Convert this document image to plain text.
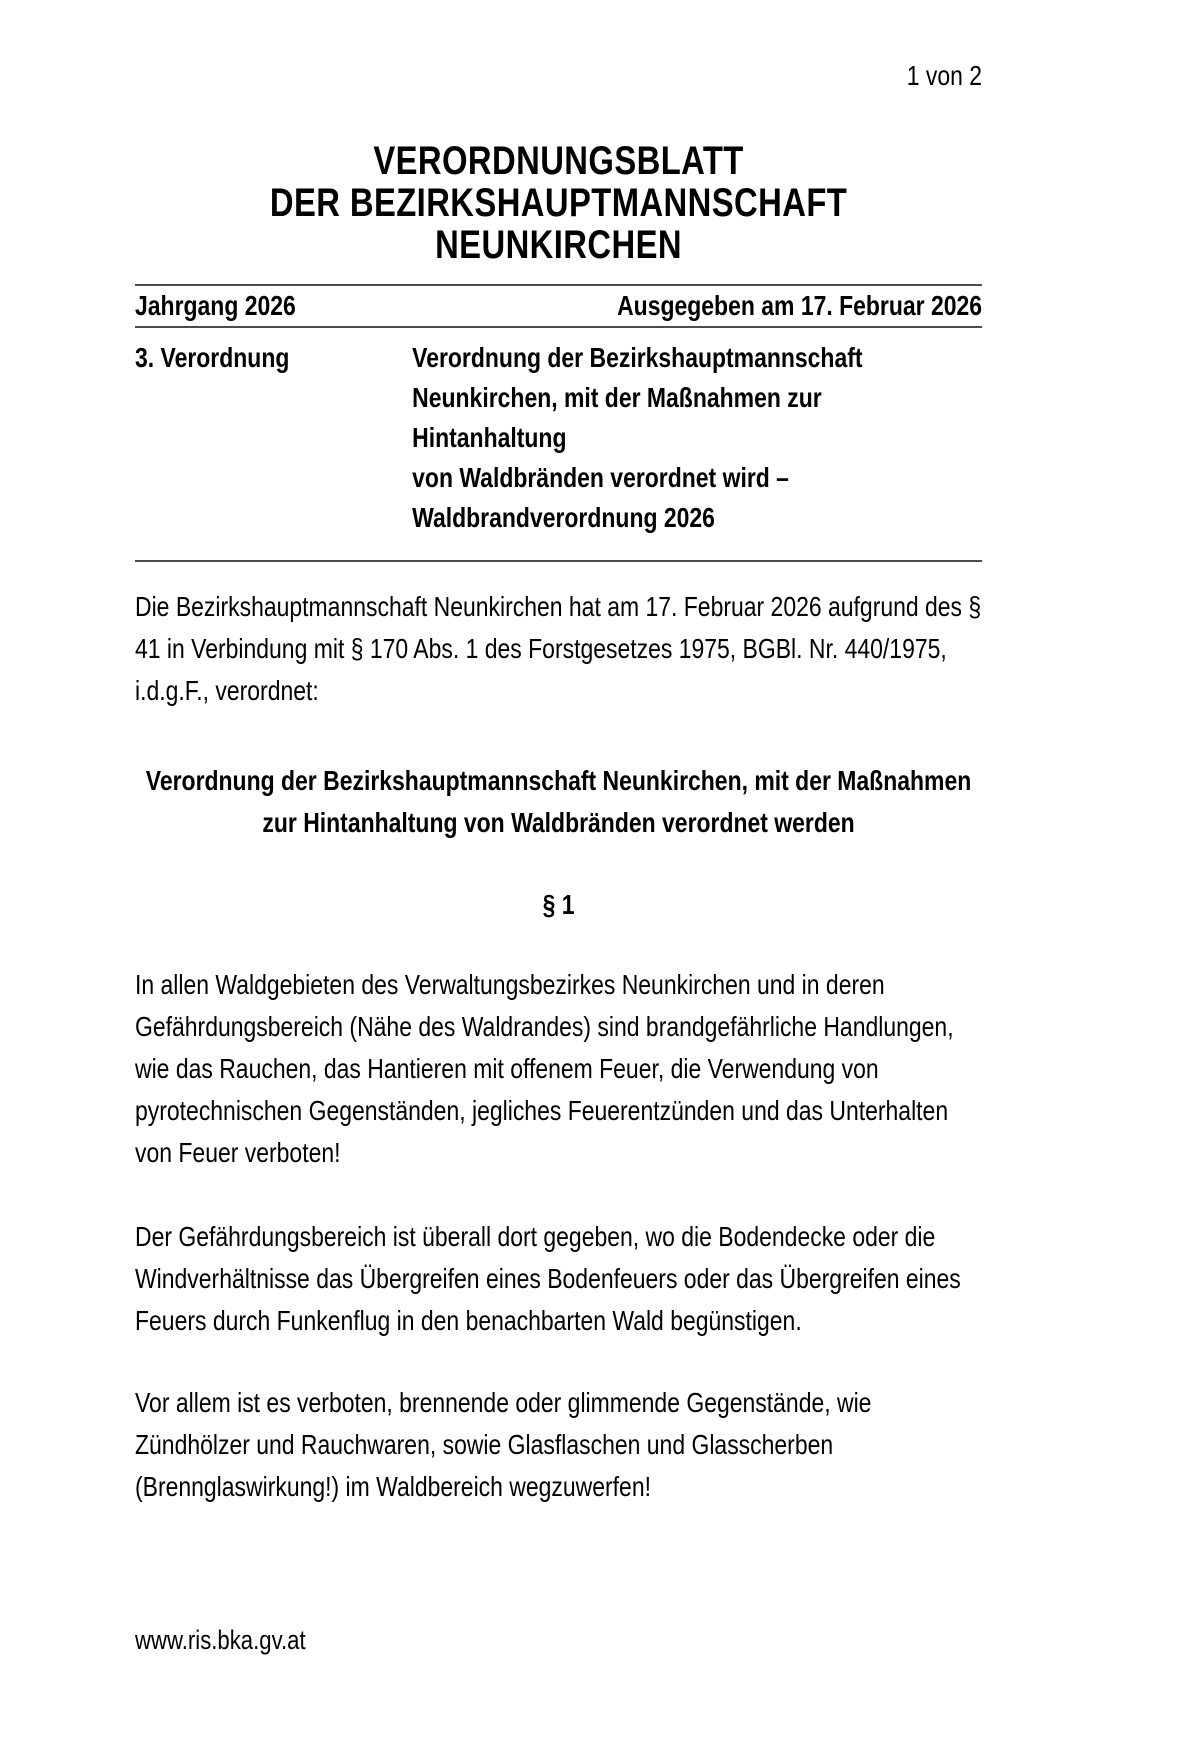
1 von 2
VERORDNUNGSBLATT
DER BEZIRKSHAUPTMANNSCHAFT
NEUNKIRCHEN
Jahrgang 2026	Ausgegeben am 17. Februar 2026
3. Verordnung	Verordnung der Bezirkshauptmannschaft
Neunkirchen, mit der Maßnahmen zur Hintanhaltung
von Waldbränden verordnet wird –
Waldbrandverordnung 2026

Die Bezirkshauptmannschaft Neunkirchen hat am 17. Februar 2026 aufgrund des § 41 in Verbindung mit § 170 Abs. 1 des Forstgesetzes 1975, BGBl. Nr. 440/1975, i.d.g.F., verordnet:

Verordnung der Bezirkshauptmannschaft Neunkirchen, mit der Maßnahmen zur Hintanhaltung von Waldbränden verordnet werden
§ 1

In allen Waldgebieten des Verwaltungsbezirkes Neunkirchen und in deren Gefährdungsbereich (Nähe des Waldrandes) sind brandgefährliche Handlungen, wie das Rauchen, das Hantieren mit offenem Feuer, die Verwendung von pyrotechnischen Gegenständen, jegliches Feuerentzünden und das Unterhalten von Feuer verboten!

Der Gefährdungsbereich ist überall dort gegeben, wo die Bodendecke oder die Windverhältnisse das Übergreifen eines Bodenfeuers oder das Übergreifen eines Feuers durch Funkenflug in den benachbarten Wald begünstigen.

Vor allem ist es verboten, brennende oder glimmende Gegenstände, wie Zündhölzer und Rauchwaren, sowie Glasflaschen und Glasscherben (Brennglaswirkung!) im Waldbereich wegzuwerfen!

www.ris.bka.gv.at
